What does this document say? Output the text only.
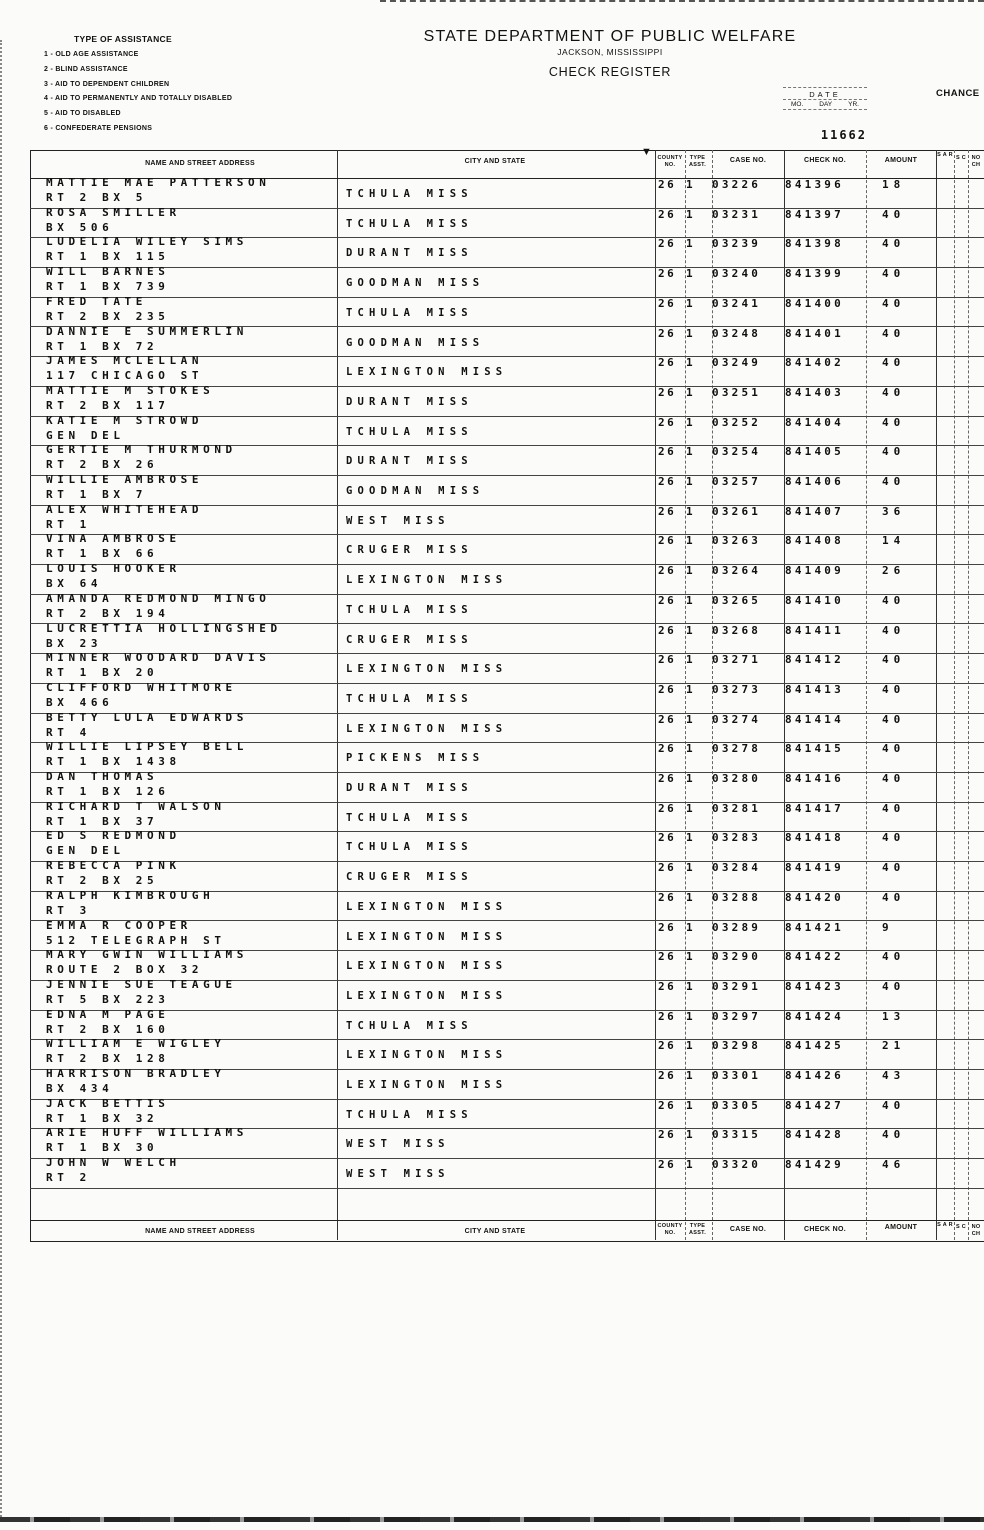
TYPE OF ASSISTANCE
1 - OLD AGE ASSISTANCE
2 - BLIND ASSISTANCE
3 - AID TO DEPENDENT CHILDREN
4 - AID TO PERMANENTLY AND TOTALLY DISABLED
5 - AID TO DISABLED
6 - CONFEDERATE PENSIONS
STATE DEPARTMENT OF PUBLIC WELFARE
JACKSON, MISSISSIPPI
CHECK REGISTER
DATE
MO. DAY YR.
11662
CHANCE
NAME AND STREET ADDRESS	CITY AND STATE
▼ COUNTY NO.
TYPE ASST.
CASE NO.	CHECK NO.	AMOUNT
S A R S C	NO CH
MATTIE MAE PATTERSON
RT 2 BX 5	TCHULA MISS
26 1 03226 841396	18
ROSA SMILLER
BX 506	TCHULA MISS
26 1 03231 841397	40
LUDELIA WILEY SIMS
RT 1 BX 115	DURANT MISS
26 1 03239 841398	40
WILL BARNES
RT 1 BX 739	GOODMAN MISS
26 1 03240 841399	40
FRED TATE
RT 2 BX 235	TCHULA MISS
26 1 03241 841400	40
DANNIE E SUMMERLIN
RT 1 BX 72	GOODMAN MISS
26 1 03248 841401	40
JAMES MCLELLAN
117 CHICAGO ST	LEXINGTON MISS
26 1 03249 841402	40
MATTIE M STOKES
RT 2 BX 117	DURANT MISS
26 1 03251 841403	40
KATIE M STROWD
GEN DEL	TCHULA MISS
26 1 03252 841404	40
GERTIE M THURMOND
RT 2 BX 26	DURANT MISS
26 1 03254 841405	40
WILLIE AMBROSE
RT 1 BX 7	GOODMAN MISS
26 1 03257 841406	40
ALEX WHITEHEAD
RT 1	WEST MISS
26 1 03261 841407	36
VINA AMBROSE
RT 1 BX 66	CRUGER MISS
26 1 03263 841408	14
LOUIS HOOKER
BX 64	LEXINGTON MISS
26 1 03264 841409	26
AMANDA REDMOND MINGO
RT 2 BX 194	TCHULA MISS
26 1 03265 841410	40
LUCRETTIA HOLLINGSHED
BX 23	CRUGER MISS
26 1 03268 841411	40
MINNER WOODARD DAVIS
RT 1 BX 20	LEXINGTON MISS
26 1 03271 841412	40
CLIFFORD WHITMORE
BX 466	TCHULA MISS
26 1 03273 841413	40
BETTY LULA EDWARDS
RT 4	LEXINGTON MISS
26 1 03274 841414	40
WILLIE LIPSEY BELL
RT 1 BX 1438	PICKENS MISS
26 1 03278 841415	40
DAN THOMAS
RT 1 BX 126	DURANT MISS
26 1 03280 841416	40
RICHARD T WALSON
RT 1 BX 37	TCHULA MISS
26 1 03281 841417	40
ED S REDMOND
GEN DEL	TCHULA MISS
26 1 03283 841418	40
REBECCA PINK
RT 2 BX 25	CRUGER MISS
26 1 03284 841419	40
RALPH KIMBROUGH
RT 3	LEXINGTON MISS
26 1 03288 841420	40
EMMA R COOPER
512 TELEGRAPH ST	LEXINGTON MISS
26 1 03289 841421	9
MARY GWIN WILLIAMS
ROUTE 2 BOX 32	LEXINGTON MISS
26 1 03290 841422	40
JENNIE SUE TEAGUE
RT 5 BX 223	LEXINGTON MISS
26 1 03291 841423	40
EDNA M PAGE
RT 2 BX 160	TCHULA MISS
26 1 03297 841424	13
WILLIAM E WIGLEY
RT 2 BX 128	LEXINGTON MISS
26 1 03298 841425	21
HARRISON BRADLEY
BX 434	LEXINGTON MISS
26 1 03301 841426	43
JACK BETTIS
RT 1 BX 32	TCHULA MISS
26 1 03305 841427	40
ARIE HUFF WILLIAMS
RT 1 BX 30	WEST MISS
26 1 03315 841428	40
JOHN W WELCH
RT 2	WEST MISS
26 1 03320 841429	46
NAME AND STREET ADDRESS	CITY AND STATE
COUNTY NO.
TYPE ASST.	CASE NO.	CHECK NO.	AMOUNT	S A R S C	NO CH
